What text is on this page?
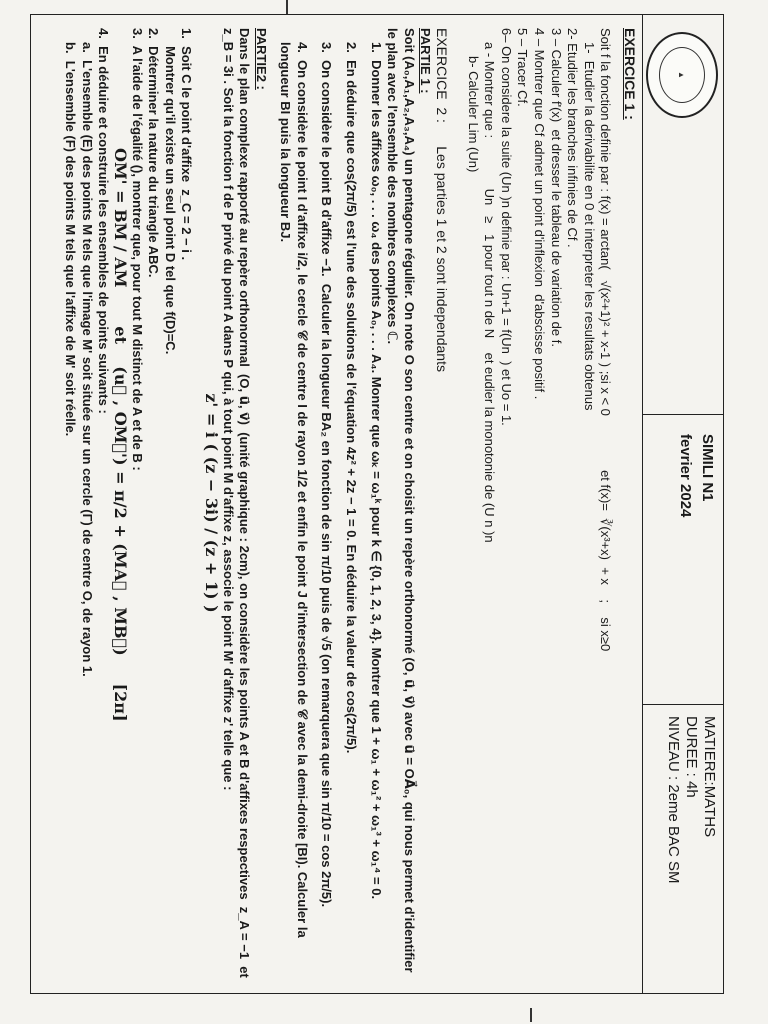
▲
SIMILI N1
fevrier 2024
MATIERE:MATHS
DUREE : 4h
NIVEAU : 2eme BAC SM

EXERCICE 1 :

Soit f la fonction definie par : f(x) = arctan(   √(x²+1)² + x-1 ) ;si x < 0               et f(x)=  ∛(x³+x)  + x    ;    si x≥0

1-  Etudier la derivabilite en 0 et interpreter les resultats obtenus

2- Etudier les branches infinies de Cf .

3 – Calculer f'(x)  et dresser le tableau de variation de f.

4 – Montrer que Cf admet un point d'inflexion  d'abscisse positif .

5 – Tracer Cf.

6– On considere la suite (Un )n definie par : Un+1 = f(Un  ) et Uo = 1.

a - Montrer que :              Un   ≥   1 pour tout n de N    et eudier la monotonie de (U n )n

b- Calculer Lim (Un)

EXERCICE  2 :      Les parties 1 et 2 sont independants

PARTIE 1 :

Soit (A₀,A₁,A₂,A₃,A₄) un pentagone régulier. On note O son centre et on choisit un repère orthonormé (O, u⃗, v⃗) avec u⃗ = OA⃗₀, qui nous permet d'identifier le plan avec l'ensemble des nombres complexes ℂ.

1.  Donner les affixes ω₀, . . . ω₄ des points A₀, . . . A₄. Monrer que ωₖ = ω₁ᵏ pour k ∈ {0, 1, 2, 3, 4}. Montrer que 1 + ω₁ + ω₁² + ω₁³ + ω₁⁴ = 0.

2.  En déduire que cos(2π/5) est l'une des solutions de l'équation 4z² + 2z − 1 = 0. En déduire la valeur de cos(2π/5).

3.  On considère le point B d'affixe −1.  Calculer la longueur BA₂ en fonction de sin π/10 puis de √5 (on remarquera que sin π/10 = cos 2π/5).

4.  On considère le point I d'affixe i/2, le cercle 𝒞 de centre I de rayon 1/2 et enfin le point J d'intersection de 𝒞 avec la demi-droite [BI). Calculer la longueur BI puis la longueur BJ.

PARTIE2 :

Dans le plan complexe rapporté au repère orthonormal  (O, u⃗, v⃗)  (unité graphique : 2cm), on considère les points A et B d'affixes respectives  z_A = −1  et  z_B = 3i . Soit la fonction f de P privé du point A dans P qui, à tout point M d'affixe z, associe le point M' d'affixe z' telle que :

z' = i ( (z − 3i) / (z + 1) )

1.  Soit C le point d'affixe  z_C = 2 − i .

Montrer qu'il existe un seul point D tel que f(D)=C.

2.  Déterminer la nature du triangle ABC.

3.  A l'aide de l'égalité (), montrer que, pour tout M distinct de A et de B :

OM' = BM / AM       et    (u⃗ , OM⃗') = π/2 + (MA⃗ , MB⃗)     [2π]

4.  En déduire et construire les ensembles de points suivants :

a.  L'ensemble (E) des points M tels que l'image M' soit située sur un cercle (Γ) de centre O, de rayon 1.

b.  L'ensemble (F) des points M tels que l'affixe de M' soit réelle.
